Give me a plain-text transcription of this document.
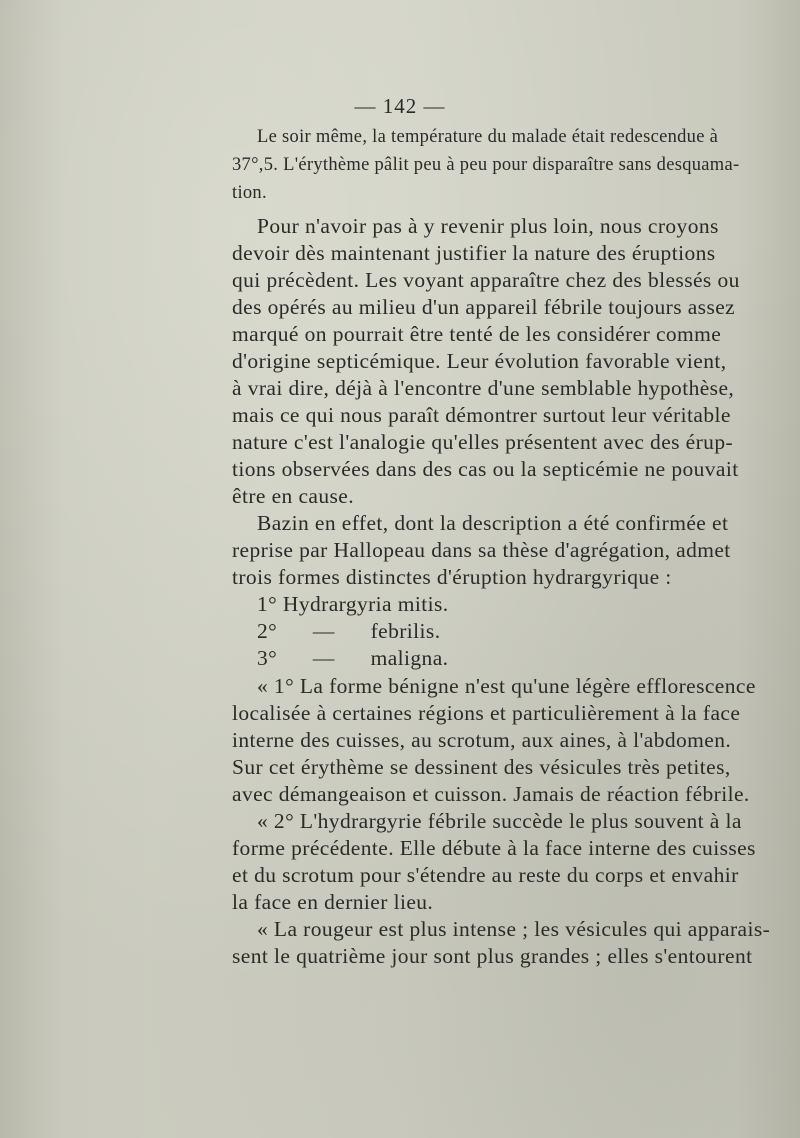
— 142 —
Le soir même, la température du malade était redescendue à
37°,5. L'érythème pâlit peu à peu pour disparaître sans desquama-
tion.
Pour n'avoir pas à y revenir plus loin, nous croyons
devoir dès maintenant justifier la nature des éruptions
qui précèdent. Les voyant apparaître chez des blessés ou
des opérés au milieu d'un appareil fébrile toujours assez
marqué on pourrait être tenté de les considérer comme
d'origine septicémique. Leur évolution favorable vient,
à vrai dire, déjà à l'encontre d'une semblable hypothèse,
mais ce qui nous paraît démontrer surtout leur véritable
nature c'est l'analogie qu'elles présentent avec des érup-
tions observées dans des cas ou la septicémie ne pouvait
être en cause.
Bazin en effet, dont la description a été confirmée et
reprise par Hallopeau dans sa thèse d'agrégation, admet
trois formes distinctes d'éruption hydrargyrique :
1° Hydrargyria mitis.
2° — febrilis.
3° — maligna.
« 1° La forme bénigne n'est qu'une légère efflorescence
localisée à certaines régions et particulièrement à la face
interne des cuisses, au scrotum, aux aines, à l'abdomen.
Sur cet érythème se dessinent des vésicules très petites,
avec démangeaison et cuisson. Jamais de réaction fébrile.
« 2° L'hydrargyrie fébrile succède le plus souvent à la
forme précédente. Elle débute à la face interne des cuisses
et du scrotum pour s'étendre au reste du corps et envahir
la face en dernier lieu.
« La rougeur est plus intense ; les vésicules qui apparais-
sent le quatrième jour sont plus grandes ; elles s'entourent
